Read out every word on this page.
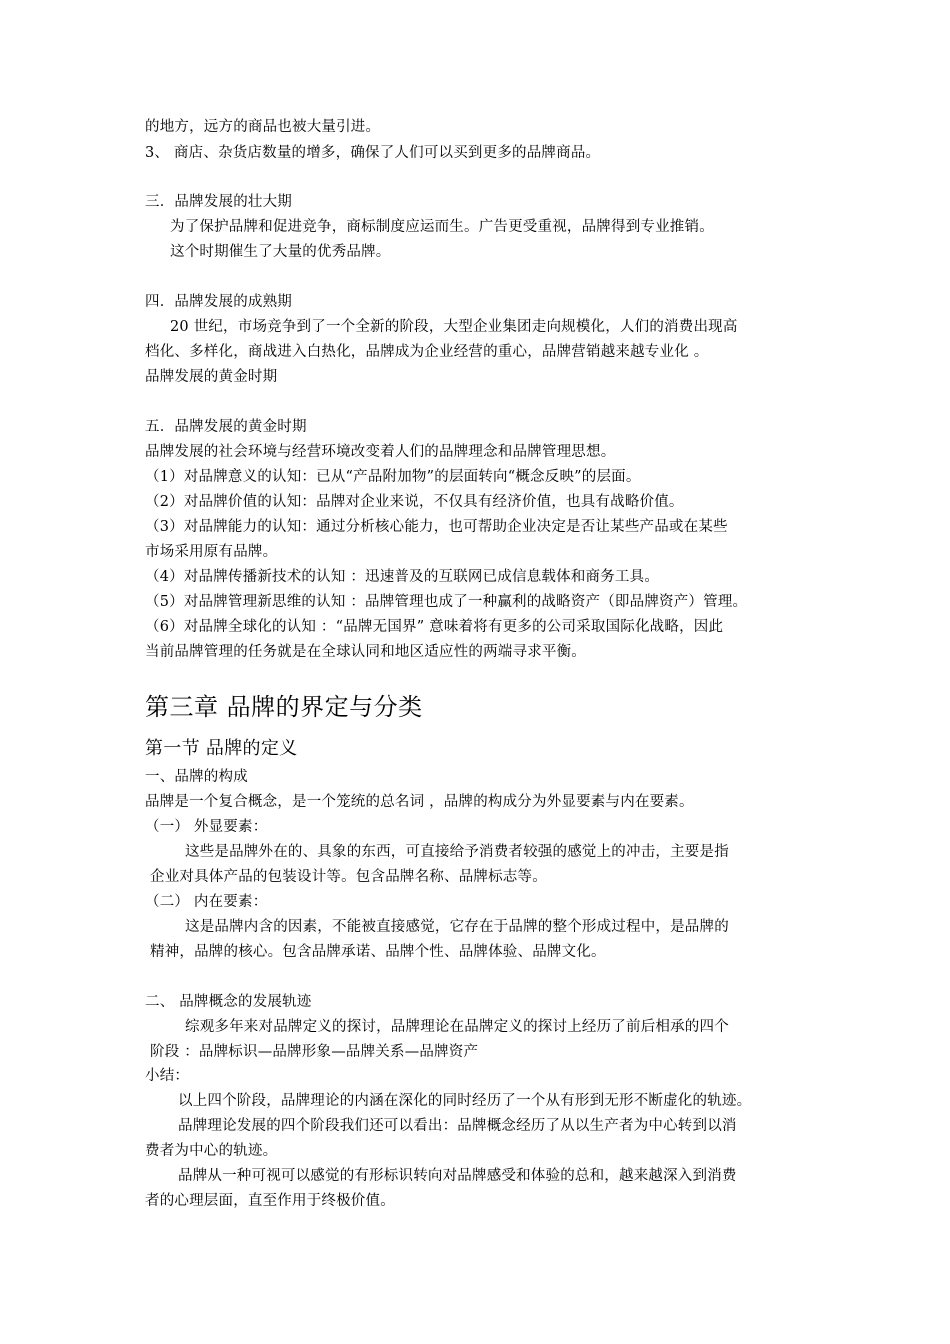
的地方，远方的商品也被大量引进。
3、 商店、杂货店数量的增多，确保了人们可以买到更多的品牌商品。
三．品牌发展的壮大期
为了保护品牌和促进竞争，商标制度应运而生。广告更受重视，品牌得到专业推销。
这个时期催生了大量的优秀品牌。
四．品牌发展的成熟期
20 世纪，市场竞争到了一个全新的阶段，大型企业集团走向规模化，人们的消费出现高
档化、多样化，商战进入白热化，品牌成为企业经营的重心，品牌营销越来越专业化 。
品牌发展的黄金时期
五．品牌发展的黄金时期
品牌发展的社会环境与经营环境改变着人们的品牌理念和品牌管理思想。
（1）对品牌意义的认知：已从“产品附加物”的层面转向“概念反映”的层面。
（2）对品牌价值的认知：品牌对企业来说，不仅具有经济价值，也具有战略价值。
（3）对品牌能力的认知：通过分析核心能力，也可帮助企业决定是否让某些产品或在某些
市场采用原有品牌。
（4）对品牌传播新技术的认知 ：迅速普及的互联网已成信息载体和商务工具。
（5）对品牌管理新思维的认知 ：品牌管理也成了一种赢利的战略资产（即品牌资产）管理。
（6）对品牌全球化的认知 ：“品牌无国界” 意味着将有更多的公司采取国际化战略，因此
当前品牌管理的任务就是在全球认同和地区适应性的两端寻求平衡。
第三章 品牌的界定与分类
第一节 品牌的定义
一、品牌的构成
品牌是一个复合概念，是一个笼统的总名词 ，品牌的构成分为外显要素与内在要素。
（一） 外显要素：
这些是品牌外在的、具象的东西，可直接给予消费者较强的感觉上的冲击，主要是指
企业对具体产品的包装设计等。包含品牌名称、品牌标志等。
（二） 内在要素：
这是品牌内含的因素，不能被直接感觉，它存在于品牌的整个形成过程中，是品牌的
精神，品牌的核心。包含品牌承诺、品牌个性、品牌体验、品牌文化。
二、 品牌概念的发展轨迹
综观多年来对品牌定义的探讨，品牌理论在品牌定义的探讨上经历了前后相承的四个
阶段 ：品牌标识—品牌形象—品牌关系—品牌资产
小结：
以上四个阶段，品牌理论的内涵在深化的同时经历了一个从有形到无形不断虚化的轨迹。
品牌理论发展的四个阶段我们还可以看出：品牌概念经历了从以生产者为中心转到以消
费者为中心的轨迹。
品牌从一种可视可以感觉的有形标识转向对品牌感受和体验的总和，越来越深入到消费
者的心理层面，直至作用于终极价值。
